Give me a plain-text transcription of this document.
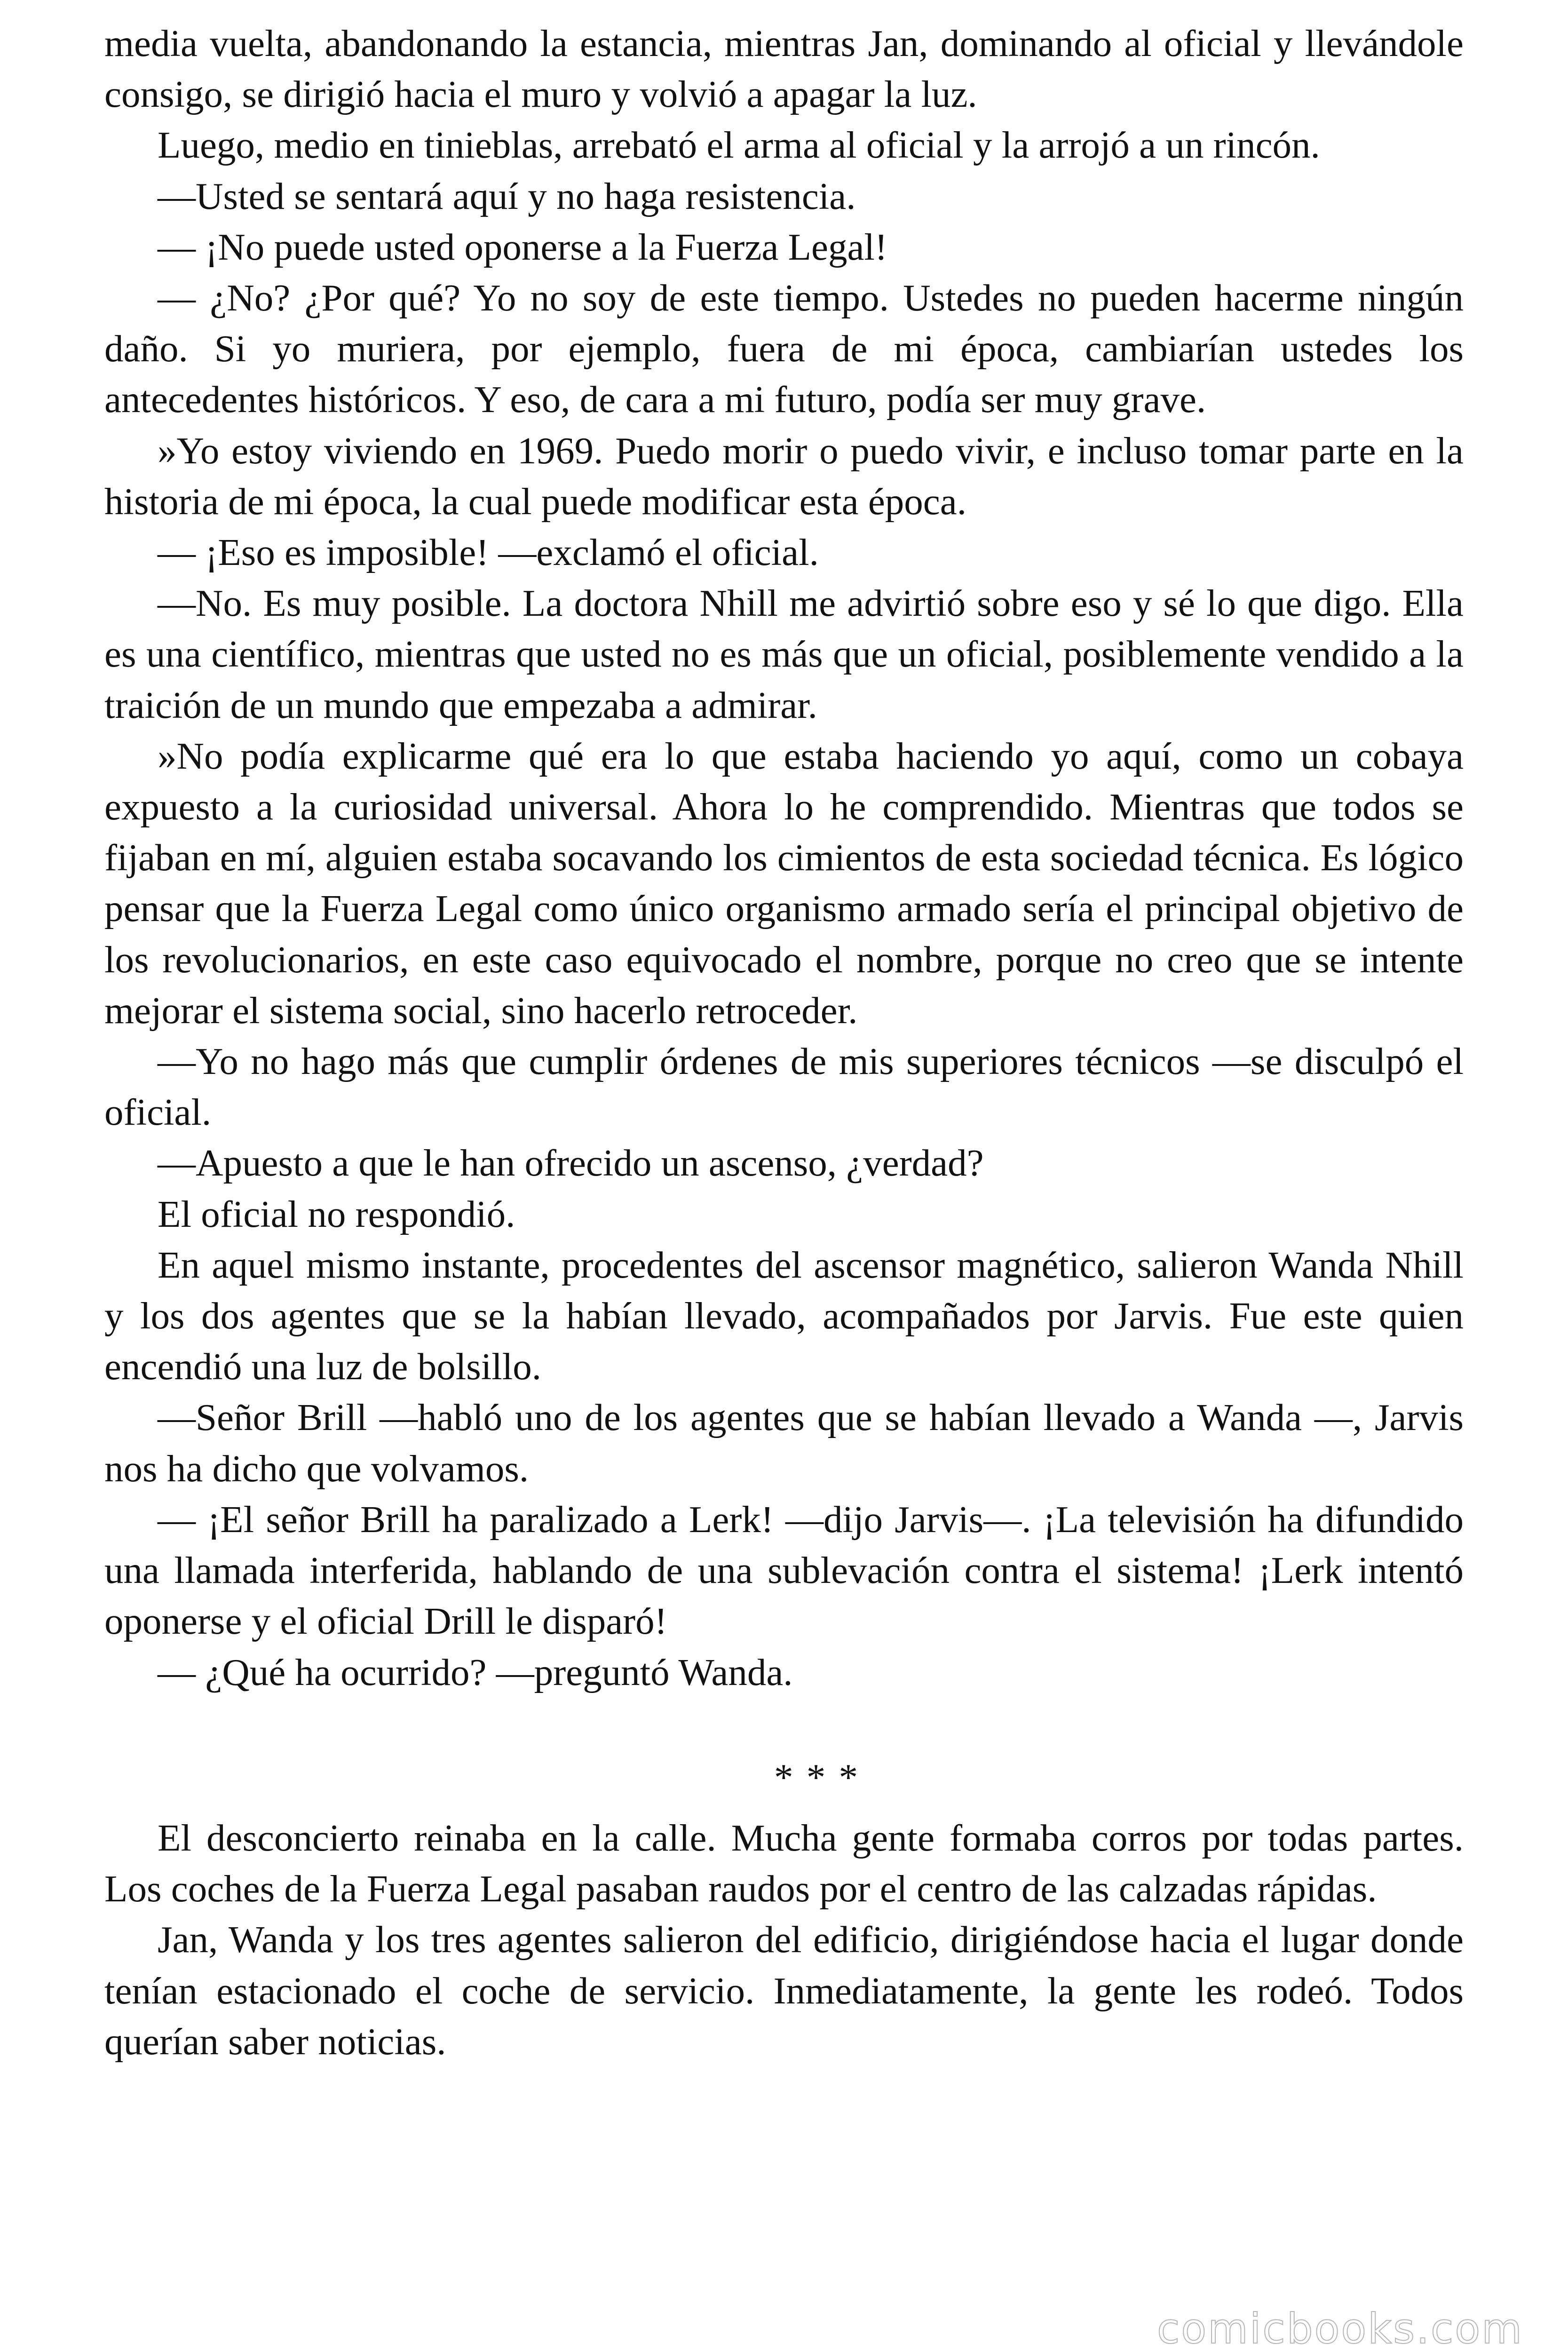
media vuelta, abandonando la estancia, mientras Jan, dominando al oficial y llevándole consigo, se dirigió hacia el muro y volvió a apagar la luz.

Luego, medio en tinieblas, arrebató el arma al oficial y la arrojó a un rincón.

—Usted se sentará aquí y no haga resistencia.

— ¡No puede usted oponerse a la Fuerza Legal!

— ¿No? ¿Por qué? Yo no soy de este tiempo. Ustedes no pueden hacerme ningún daño. Si yo muriera, por ejemplo, fuera de mi época, cambiarían ustedes los antecedentes históricos. Y eso, de cara a mi futuro, podía ser muy grave.

»Yo estoy viviendo en 1969. Puedo morir o puedo vivir, e incluso tomar parte en la historia de mi época, la cual puede modificar esta época.

— ¡Eso es imposible! —exclamó el oficial.

—No. Es muy posible. La doctora Nhill me advirtió sobre eso y sé lo que digo. Ella es una científico, mientras que usted no es más que un oficial, posiblemente vendido a la traición de un mundo que empezaba a admirar.

»No podía explicarme qué era lo que estaba haciendo yo aquí, como un cobaya expuesto a la curiosidad universal. Ahora lo he comprendido. Mientras que todos se fijaban en mí, alguien estaba socavando los cimientos de esta sociedad técnica. Es lógico pensar que la Fuerza Legal como único organismo armado sería el principal objetivo de los revolucionarios, en este caso equivocado el nombre, porque no creo que se intente mejorar el sistema social, sino hacerlo retroceder.

—Yo no hago más que cumplir órdenes de mis superiores técnicos —se disculpó el oficial.

—Apuesto a que le han ofrecido un ascenso, ¿verdad?

El oficial no respondió.

En aquel mismo instante, procedentes del ascensor magnético, salieron Wanda Nhill y los dos agentes que se la habían llevado, acompañados por Jarvis. Fue este quien encendió una luz de bolsillo.

—Señor Brill —habló uno de los agentes que se habían llevado a Wanda —, Jarvis nos ha dicho que volvamos.

— ¡El señor Brill ha paralizado a Lerk! —dijo Jarvis—. ¡La televisión ha difundido una llamada interferida, hablando de una sublevación contra el sistema! ¡Lerk intentó oponerse y el oficial Drill le disparó!

— ¿Qué ha ocurrido? —preguntó Wanda.

* * *

El desconcierto reinaba en la calle. Mucha gente formaba corros por todas partes. Los coches de la Fuerza Legal pasaban raudos por el centro de las calzadas rápidas.

Jan, Wanda y los tres agentes salieron del edificio, dirigiéndose hacia el lugar donde tenían estacionado el coche de servicio. Inmediatamente, la gente les rodeó. Todos querían saber noticias.

comicbooks.com
